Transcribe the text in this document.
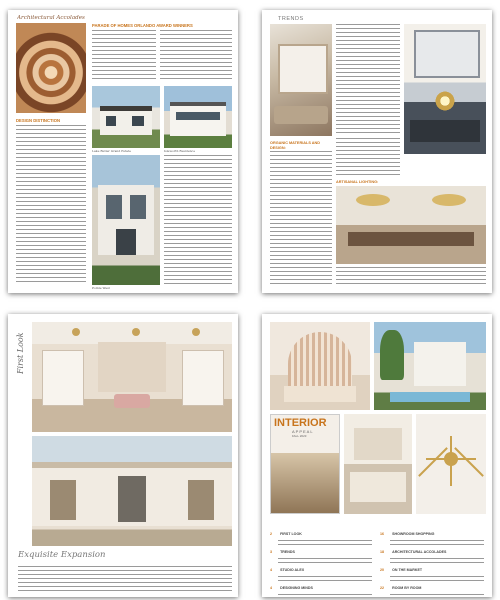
Architectural Accolades
PARADE OF HOMES ORLANDO AWARD WINNERS
Lake Butler Grand Estate	Isleworth Residence
DESIGN DISTINCTION
Pointe West
TRENDS
ORGANIC MATERIALS AND DESIGN:
ARTISANAL LIGHTING:
First Look
Exquisite Expansion
INTERIOR
APPEAL
FALL 2023
2 FIRST LOOK
3 TRENDS
4 STUDIO ALEX
4 DESIGNING MINDS
16 SHOWROOM SHOPPING
18 ARCHITECTURAL ACCOLADES
20 ON THE MARKET
22 ROOM BY ROOM
